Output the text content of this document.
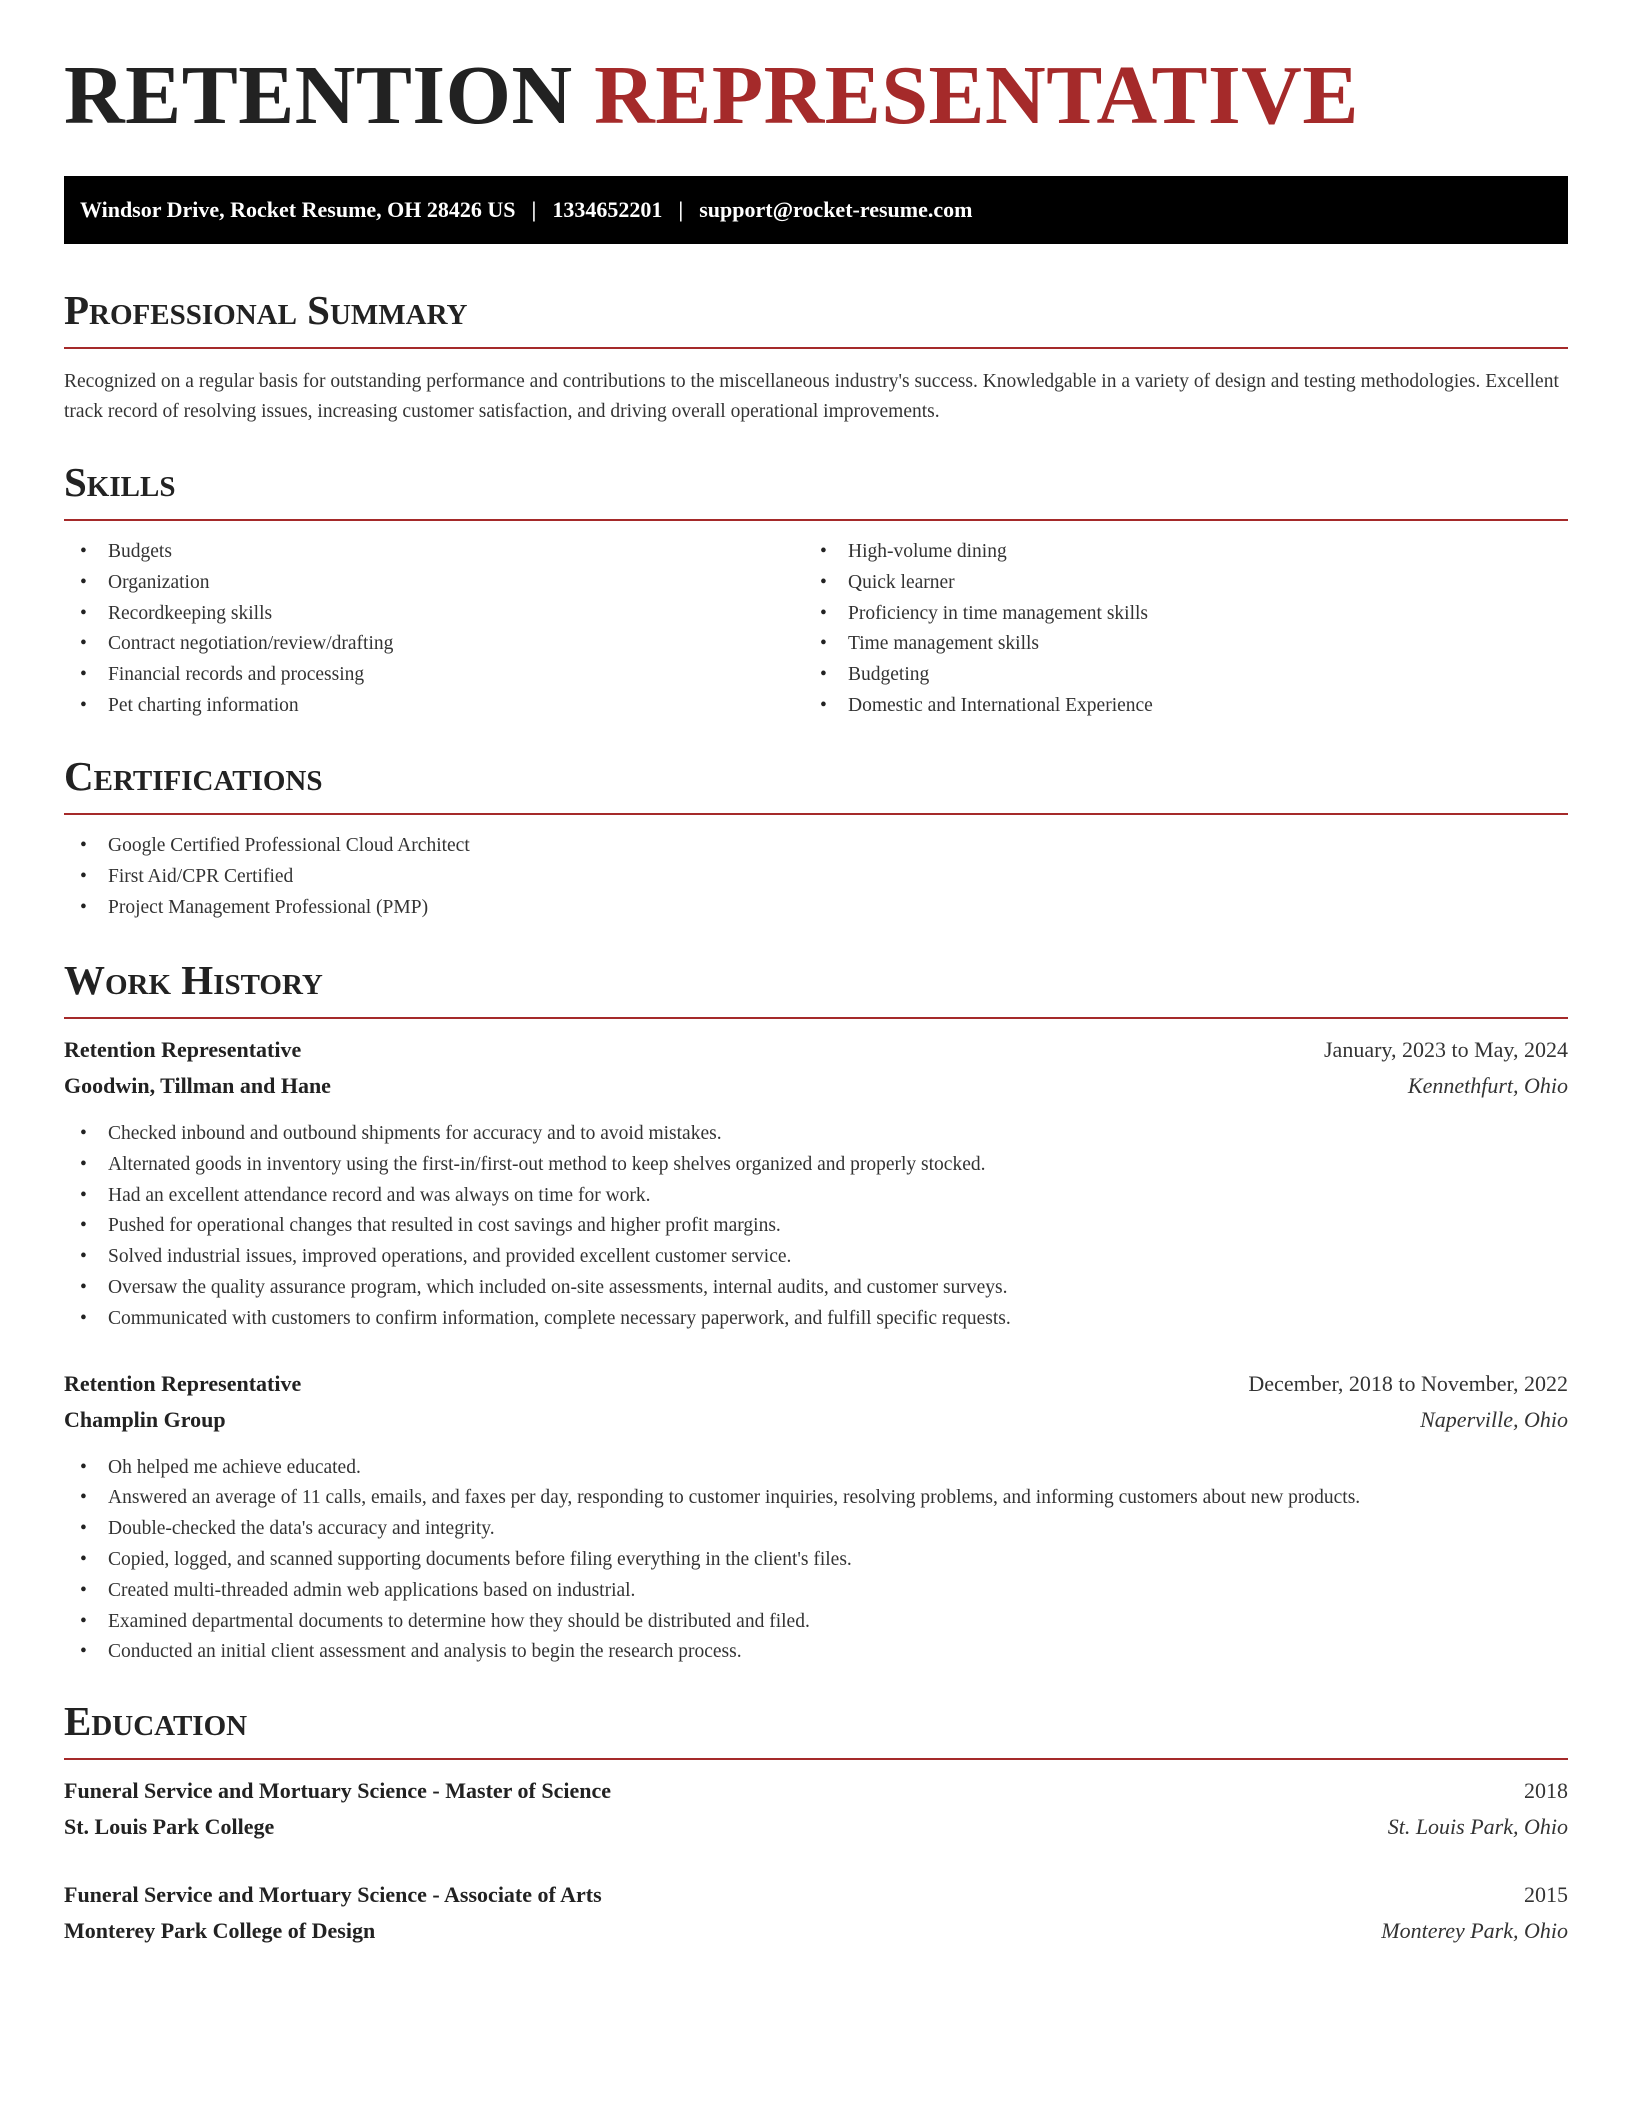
RETENTION REPRESENTATIVE
Windsor Drive, Rocket Resume, OH 28426 US | 1334652201 | support@rocket-resume.com
Professional Summary

Recognized on a regular basis for outstanding performance and contributions to the miscellaneous industry's success. Knowledgable in a variety of design and testing methodologies. Excellent track record of resolving issues, increasing customer satisfaction, and driving overall operational improvements.

Skills
• Budgets
• Organization
• Recordkeeping skills
• Contract negotiation/review/drafting
• Financial records and processing
• Pet charting information
• High-volume dining
• Quick learner
• Proficiency in time management skills
• Time management skills
• Budgeting
• Domestic and International Experience
Certifications
• Google Certified Professional Cloud Architect
• First Aid/CPR Certified
• Project Management Professional (PMP)
Work History
Retention Representative	January, 2023 to May, 2024
Goodwin, Tillman and Hane	Kennethfurt, Ohio
• Checked inbound and outbound shipments for accuracy and to avoid mistakes.
• Alternated goods in inventory using the first-in/first-out method to keep shelves organized and properly stocked.
• Had an excellent attendance record and was always on time for work.
• Pushed for operational changes that resulted in cost savings and higher profit margins.
• Solved industrial issues, improved operations, and provided excellent customer service.
• Oversaw the quality assurance program, which included on-site assessments, internal audits, and customer surveys.
• Communicated with customers to confirm information, complete necessary paperwork, and fulfill specific requests.
Retention Representative	December, 2018 to November, 2022
Champlin Group	Naperville, Ohio
• Oh helped me achieve educated.
• Answered an average of 11 calls, emails, and faxes per day, responding to customer inquiries, resolving problems, and informing customers about new products.
• Double-checked the data's accuracy and integrity.
• Copied, logged, and scanned supporting documents before filing everything in the client's files.
• Created multi-threaded admin web applications based on industrial.
• Examined departmental documents to determine how they should be distributed and filed.
• Conducted an initial client assessment and analysis to begin the research process.
Education
Funeral Service and Mortuary Science - Master of Science	2018
St. Louis Park College	St. Louis Park, Ohio
Funeral Service and Mortuary Science - Associate of Arts	2015
Monterey Park College of Design	Monterey Park, Ohio
